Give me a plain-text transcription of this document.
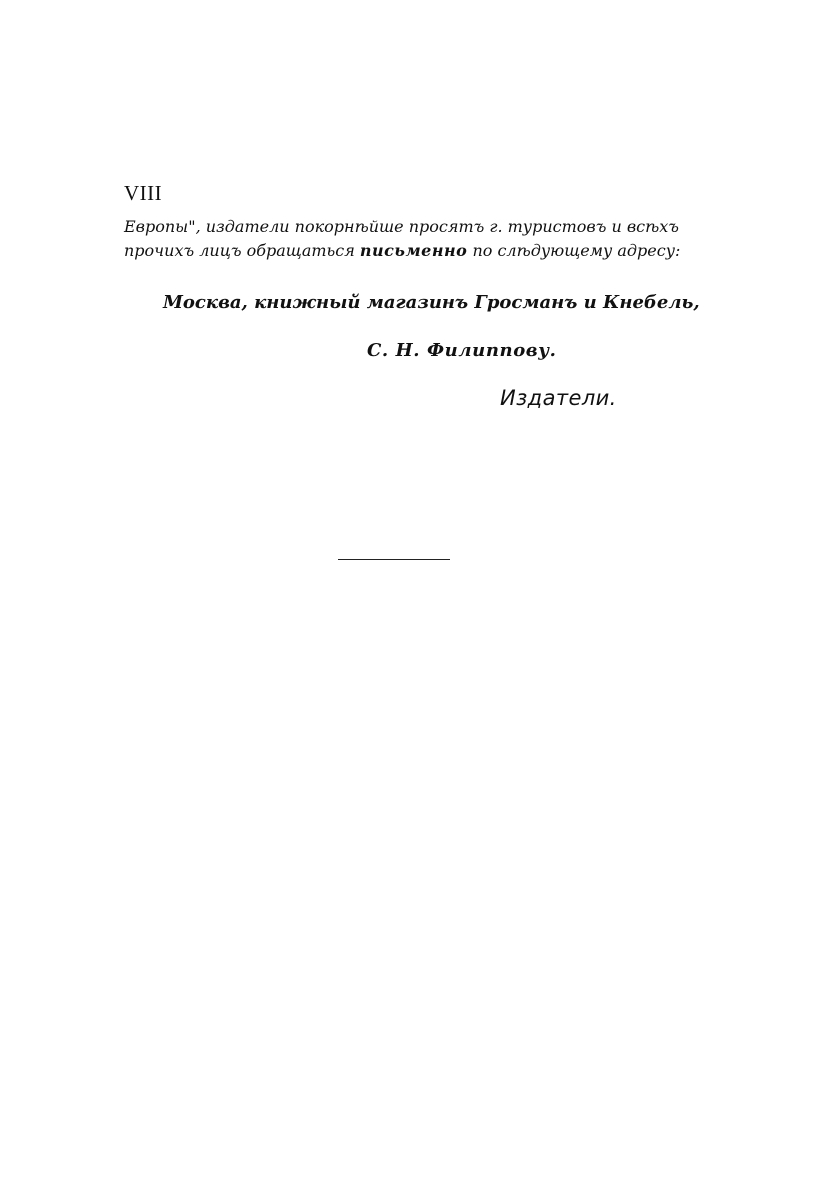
VIII

Европы", издатели покорнѣйше просятъ г. туристовъ и всѣхъ
прочихъ лицъ обращаться письменно по слѣдующему адресу:

Москва, книжный магазинъ Гросманъ и Кнебель,

С. Н. Филиппову.

Издатели.
